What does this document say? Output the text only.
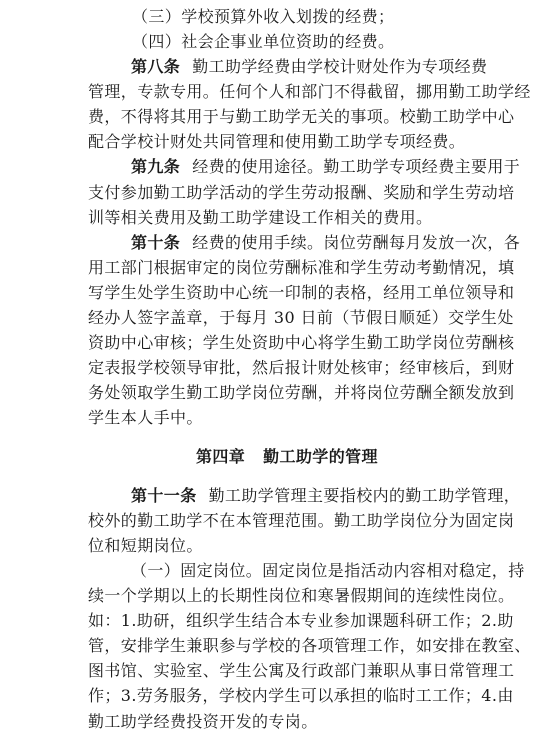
（三）学校预算外收入划拨的经费；
（四）社会企事业单位资助的经费。
第八条 勤工助学经费由学校计财处作为专项经费
管理，专款专用。任何个人和部门不得截留，挪用勤工助学经
费，不得将其用于与勤工助学无关的事项。校勤工助学中心
配合学校计财处共同管理和使用勤工助学专项经费。
第九条 经费的使用途径。勤工助学专项经费主要用于
支付参加勤工助学活动的学生劳动报酬、奖励和学生劳动培
训等相关费用及勤工助学建设工作相关的费用。
第十条 经费的使用手续。岗位劳酬每月发放一次，各
用工部门根据审定的岗位劳酬标准和学生劳动考勤情况，填
写学生处学生资助中心统一印制的表格，经用工单位领导和
经办人签字盖章，于每月 30 日前（节假日顺延）交学生处
资助中心审核；学生处资助中心将学生勤工助学岗位劳酬核
定表报学校领导审批，然后报计财处核审；经审核后，到财
务处领取学生勤工助学岗位劳酬，并将岗位劳酬全额发放到
学生本人手中。
第四章   勤工助学的管理
第十一条 勤工助学管理主要指校内的勤工助学管理，
校外的勤工助学不在本管理范围。勤工助学岗位分为固定岗
位和短期岗位。
（一）固定岗位。固定岗位是指活动内容相对稳定，持
续一个学期以上的长期性岗位和寒暑假期间的连续性岗位。
如：1.助研，组织学生结合本专业参加课题科研工作；2.助
管，安排学生兼职参与学校的各项管理工作，如安排在教室、
图书馆、实验室、学生公寓及行政部门兼职从事日常管理工
作；3.劳务服务，学校内学生可以承担的临时工工作；4.由
勤工助学经费投资开发的专岗。
